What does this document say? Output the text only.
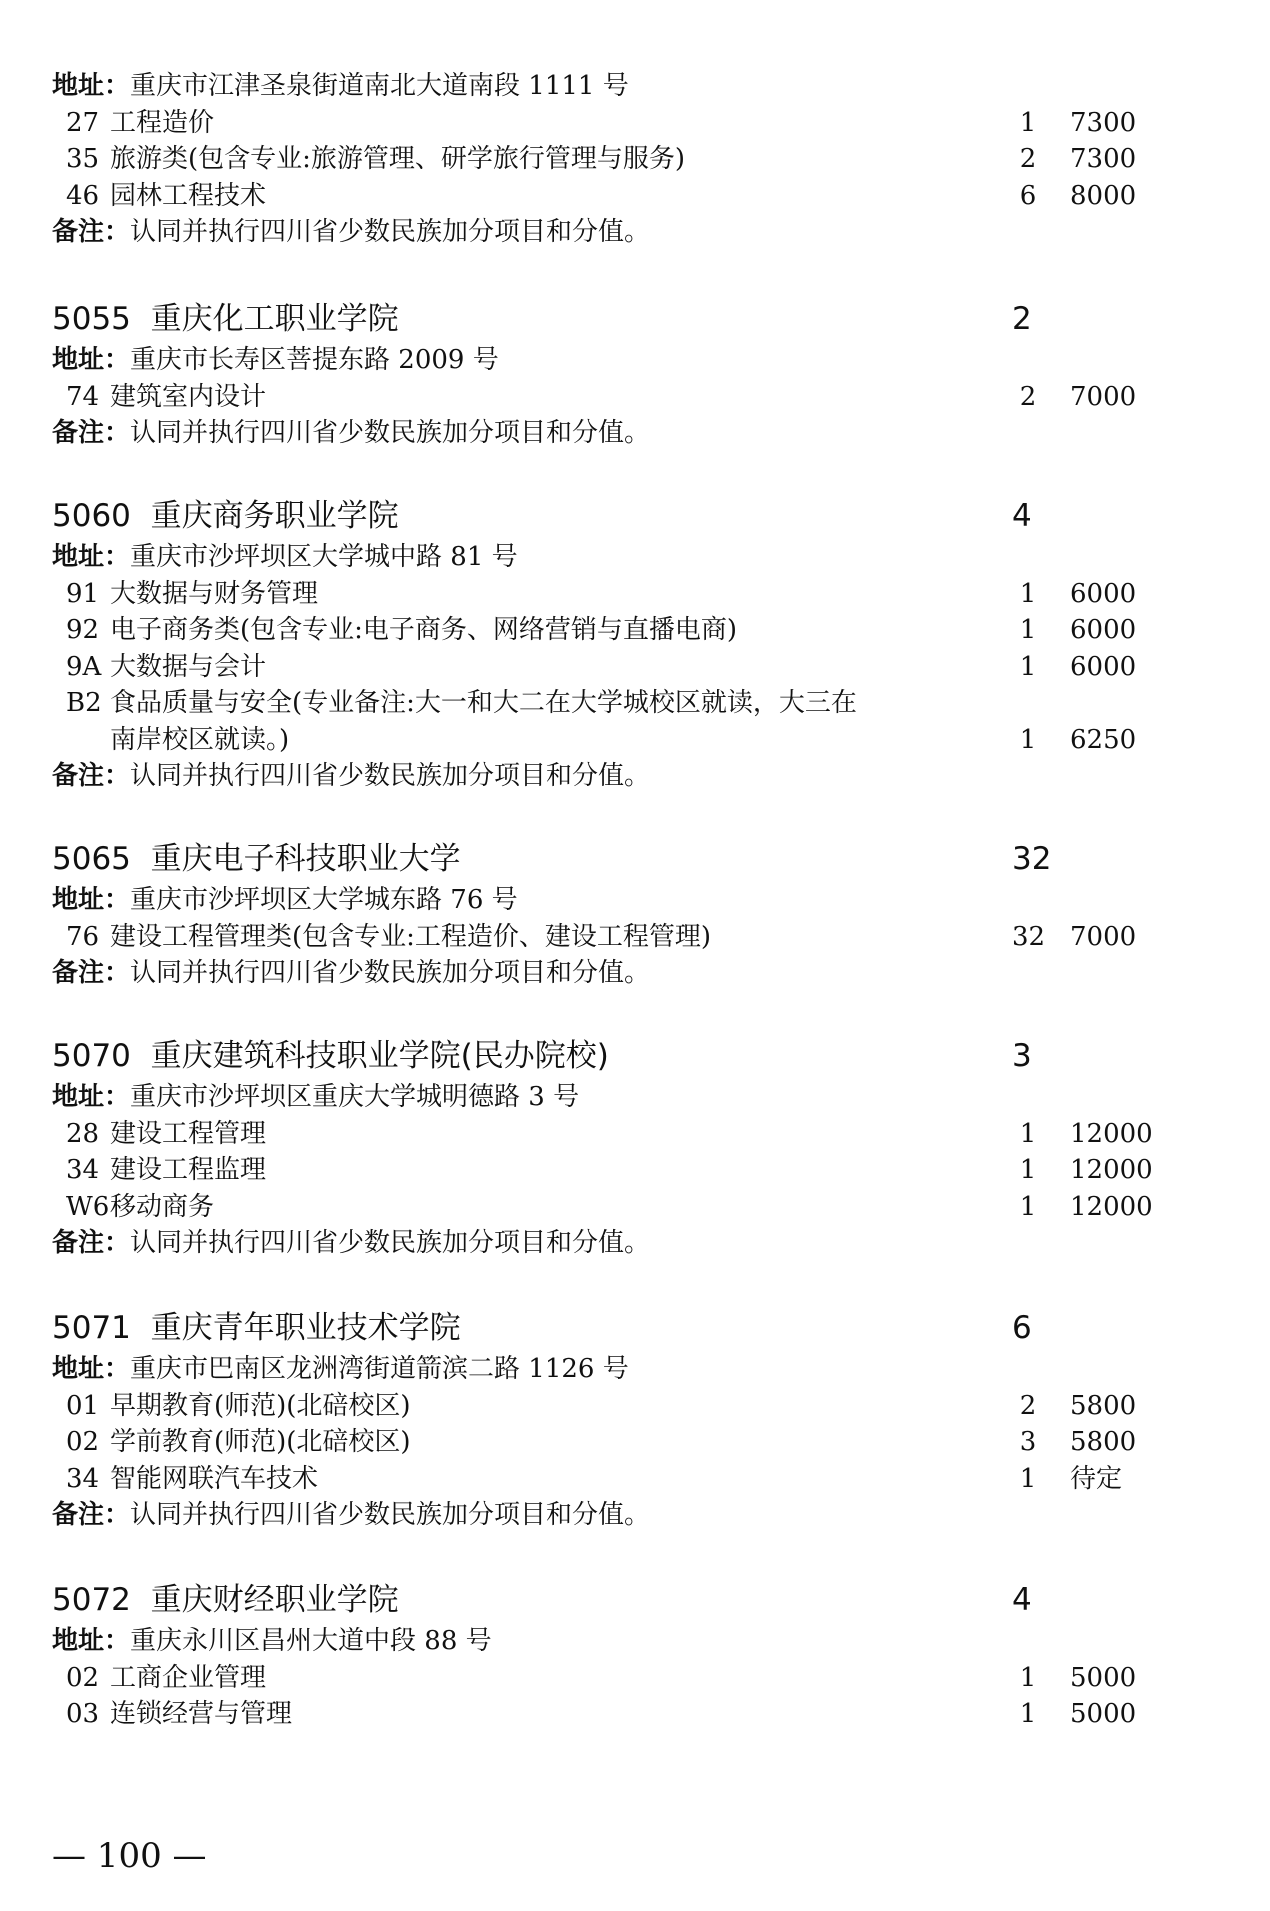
地址：重庆市江津圣泉街道南北大道南段 1111 号
27 工程造价	1 7300
35 旅游类(包含专业:旅游管理、研学旅行管理与服务)	2 7300
46 园林工程技术	6 8000
备注：认同并执行四川省少数民族加分项目和分值。
5055 重庆化工职业学院	2
地址：重庆市长寿区菩提东路 2009 号
74 建筑室内设计	2 7000
备注：认同并执行四川省少数民族加分项目和分值。
5060 重庆商务职业学院	4
地址：重庆市沙坪坝区大学城中路 81 号
91 大数据与财务管理	1 6000
92 电子商务类(包含专业:电子商务、网络营销与直播电商)	1 6000
9A 大数据与会计	1 6000
B2 食品质量与安全(专业备注:大一和大二在大学城校区就读，大三在
南岸校区就读。)	1 6250
备注：认同并执行四川省少数民族加分项目和分值。
5065 重庆电子科技职业大学	32
地址：重庆市沙坪坝区大学城东路 76 号
76 建设工程管理类(包含专业:工程造价、建设工程管理)	32 7000
备注：认同并执行四川省少数民族加分项目和分值。
5070 重庆建筑科技职业学院(民办院校)	3
地址：重庆市沙坪坝区重庆大学城明德路 3 号
28 建设工程管理	1 12000
34 建设工程监理	1 12000
W6 移动商务	1 12000
备注：认同并执行四川省少数民族加分项目和分值。
5071 重庆青年职业技术学院	6
地址：重庆市巴南区龙洲湾街道箭滨二路 1126 号
01 早期教育(师范)(北碚校区)	2 5800
02 学前教育(师范)(北碚校区)	3 5800
34 智能网联汽车技术	1 待定
备注：认同并执行四川省少数民族加分项目和分值。
5072 重庆财经职业学院	4
地址：重庆永川区昌州大道中段 88 号
02 工商企业管理	1 5000
03 连锁经营与管理	1 5000
— 100 —
